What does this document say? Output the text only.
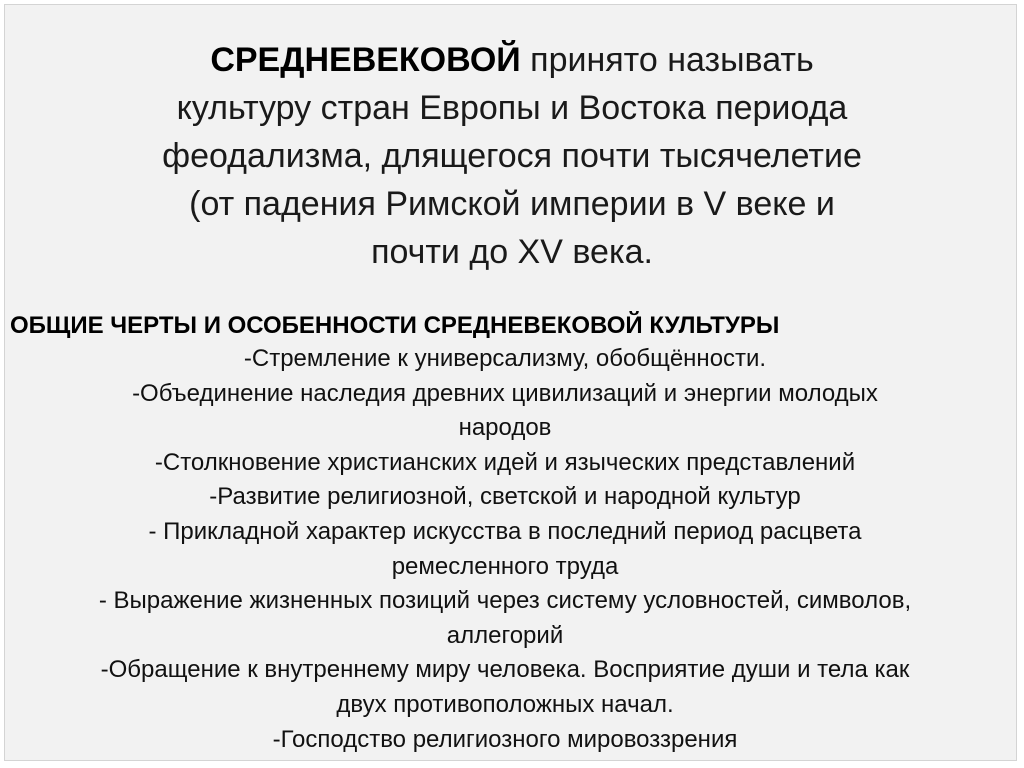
СРЕДНЕВЕКОВОЙ принято называть
культуру стран Европы и Востока периода
феодализма, длящегося почти тысячелетие
(от падения Римской империи в V веке и
почти до XV века.
ОБЩИЕ ЧЕРТЫ И ОСОБЕННОСТИ СРЕДНЕВЕКОВОЙ КУЛЬТУРЫ
-Стремление к универсализму, обобщённости.
-Объединение наследия древних цивилизаций и энергии молодых
народов
-Столкновение христианских идей и языческих представлений
-Развитие религиозной, светской и народной культур
- Прикладной характер искусства в последний период расцвета
ремесленного труда
- Выражение жизненных позиций через систему условностей, символов,
аллегорий
-Обращение к внутреннему миру человека. Восприятие души и тела как
двух противоположных начал.
-Господство религиозного мировоззрения
